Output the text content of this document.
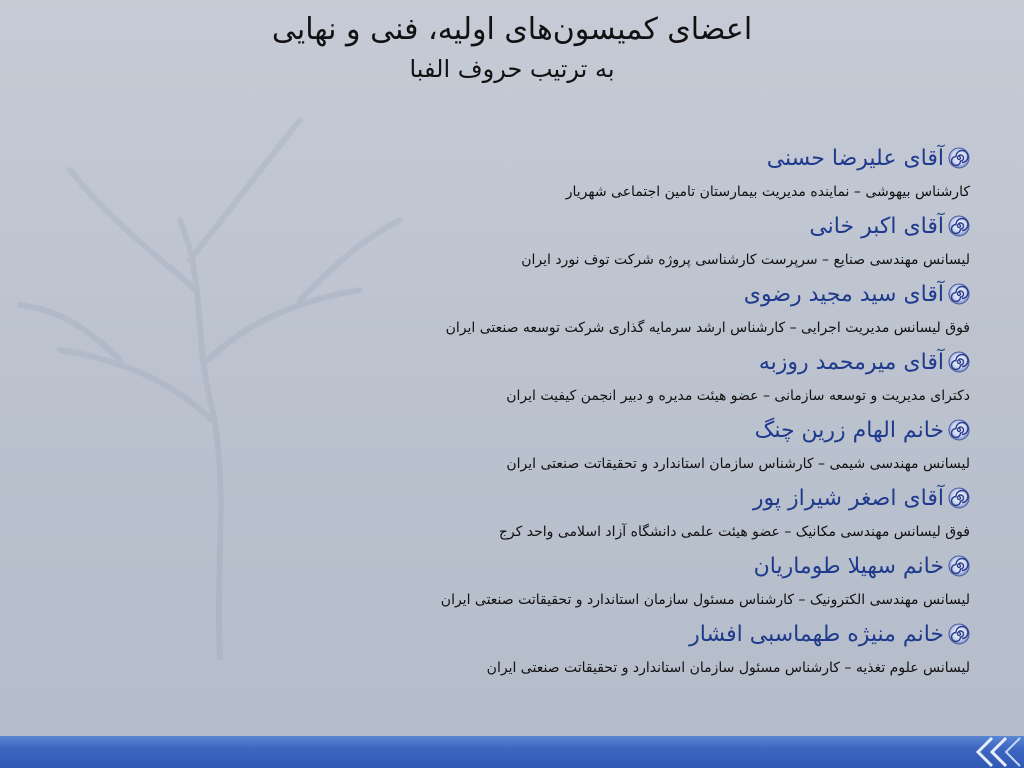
اعضای کمیسون‌های اولیه، فنی و نهایی
به ترتیب حروف الفبا
آقای علیرضا حسنی
کارشناس بیهوشی – نماینده مدیریت بیمارستان تامین اجتماعی شهریار
آقای اکبر خانی
لیسانس مهندسی صنایع – سرپرست کارشناسی پروژه شرکت توف نورد ایران
آقای سید مجید رضوی
فوق لیسانس مدیریت اجرایی – کارشناس ارشد سرمایه گذاری شرکت توسعه صنعتی ایران
آقای میرمحمد روزبه
دکترای مدیریت و توسعه سازمانی – عضو هیئت مدیره و دبیر انجمن کیفیت ایران
خانم الهام زرین چنگ
لیسانس مهندسی شیمی – کارشناس سازمان استاندارد و تحقیقاتت صنعتی ایران
آقای اصغر شیراز پور
فوق لیسانس مهندسی مکانیک – عضو هیئت علمی دانشگاه آزاد اسلامی واحد کرج
خانم سهیلا طوماریان
لیسانس مهندسی الکترونیک – کارشناس مسئول سازمان استاندارد و تحقیقاتت صنعتی ایران
خانم منیژه طهماسبی افشار
لیسانس علوم تغذیه – کارشناس مسئول سازمان استاندارد و تحقیقاتت صنعتی ایران
